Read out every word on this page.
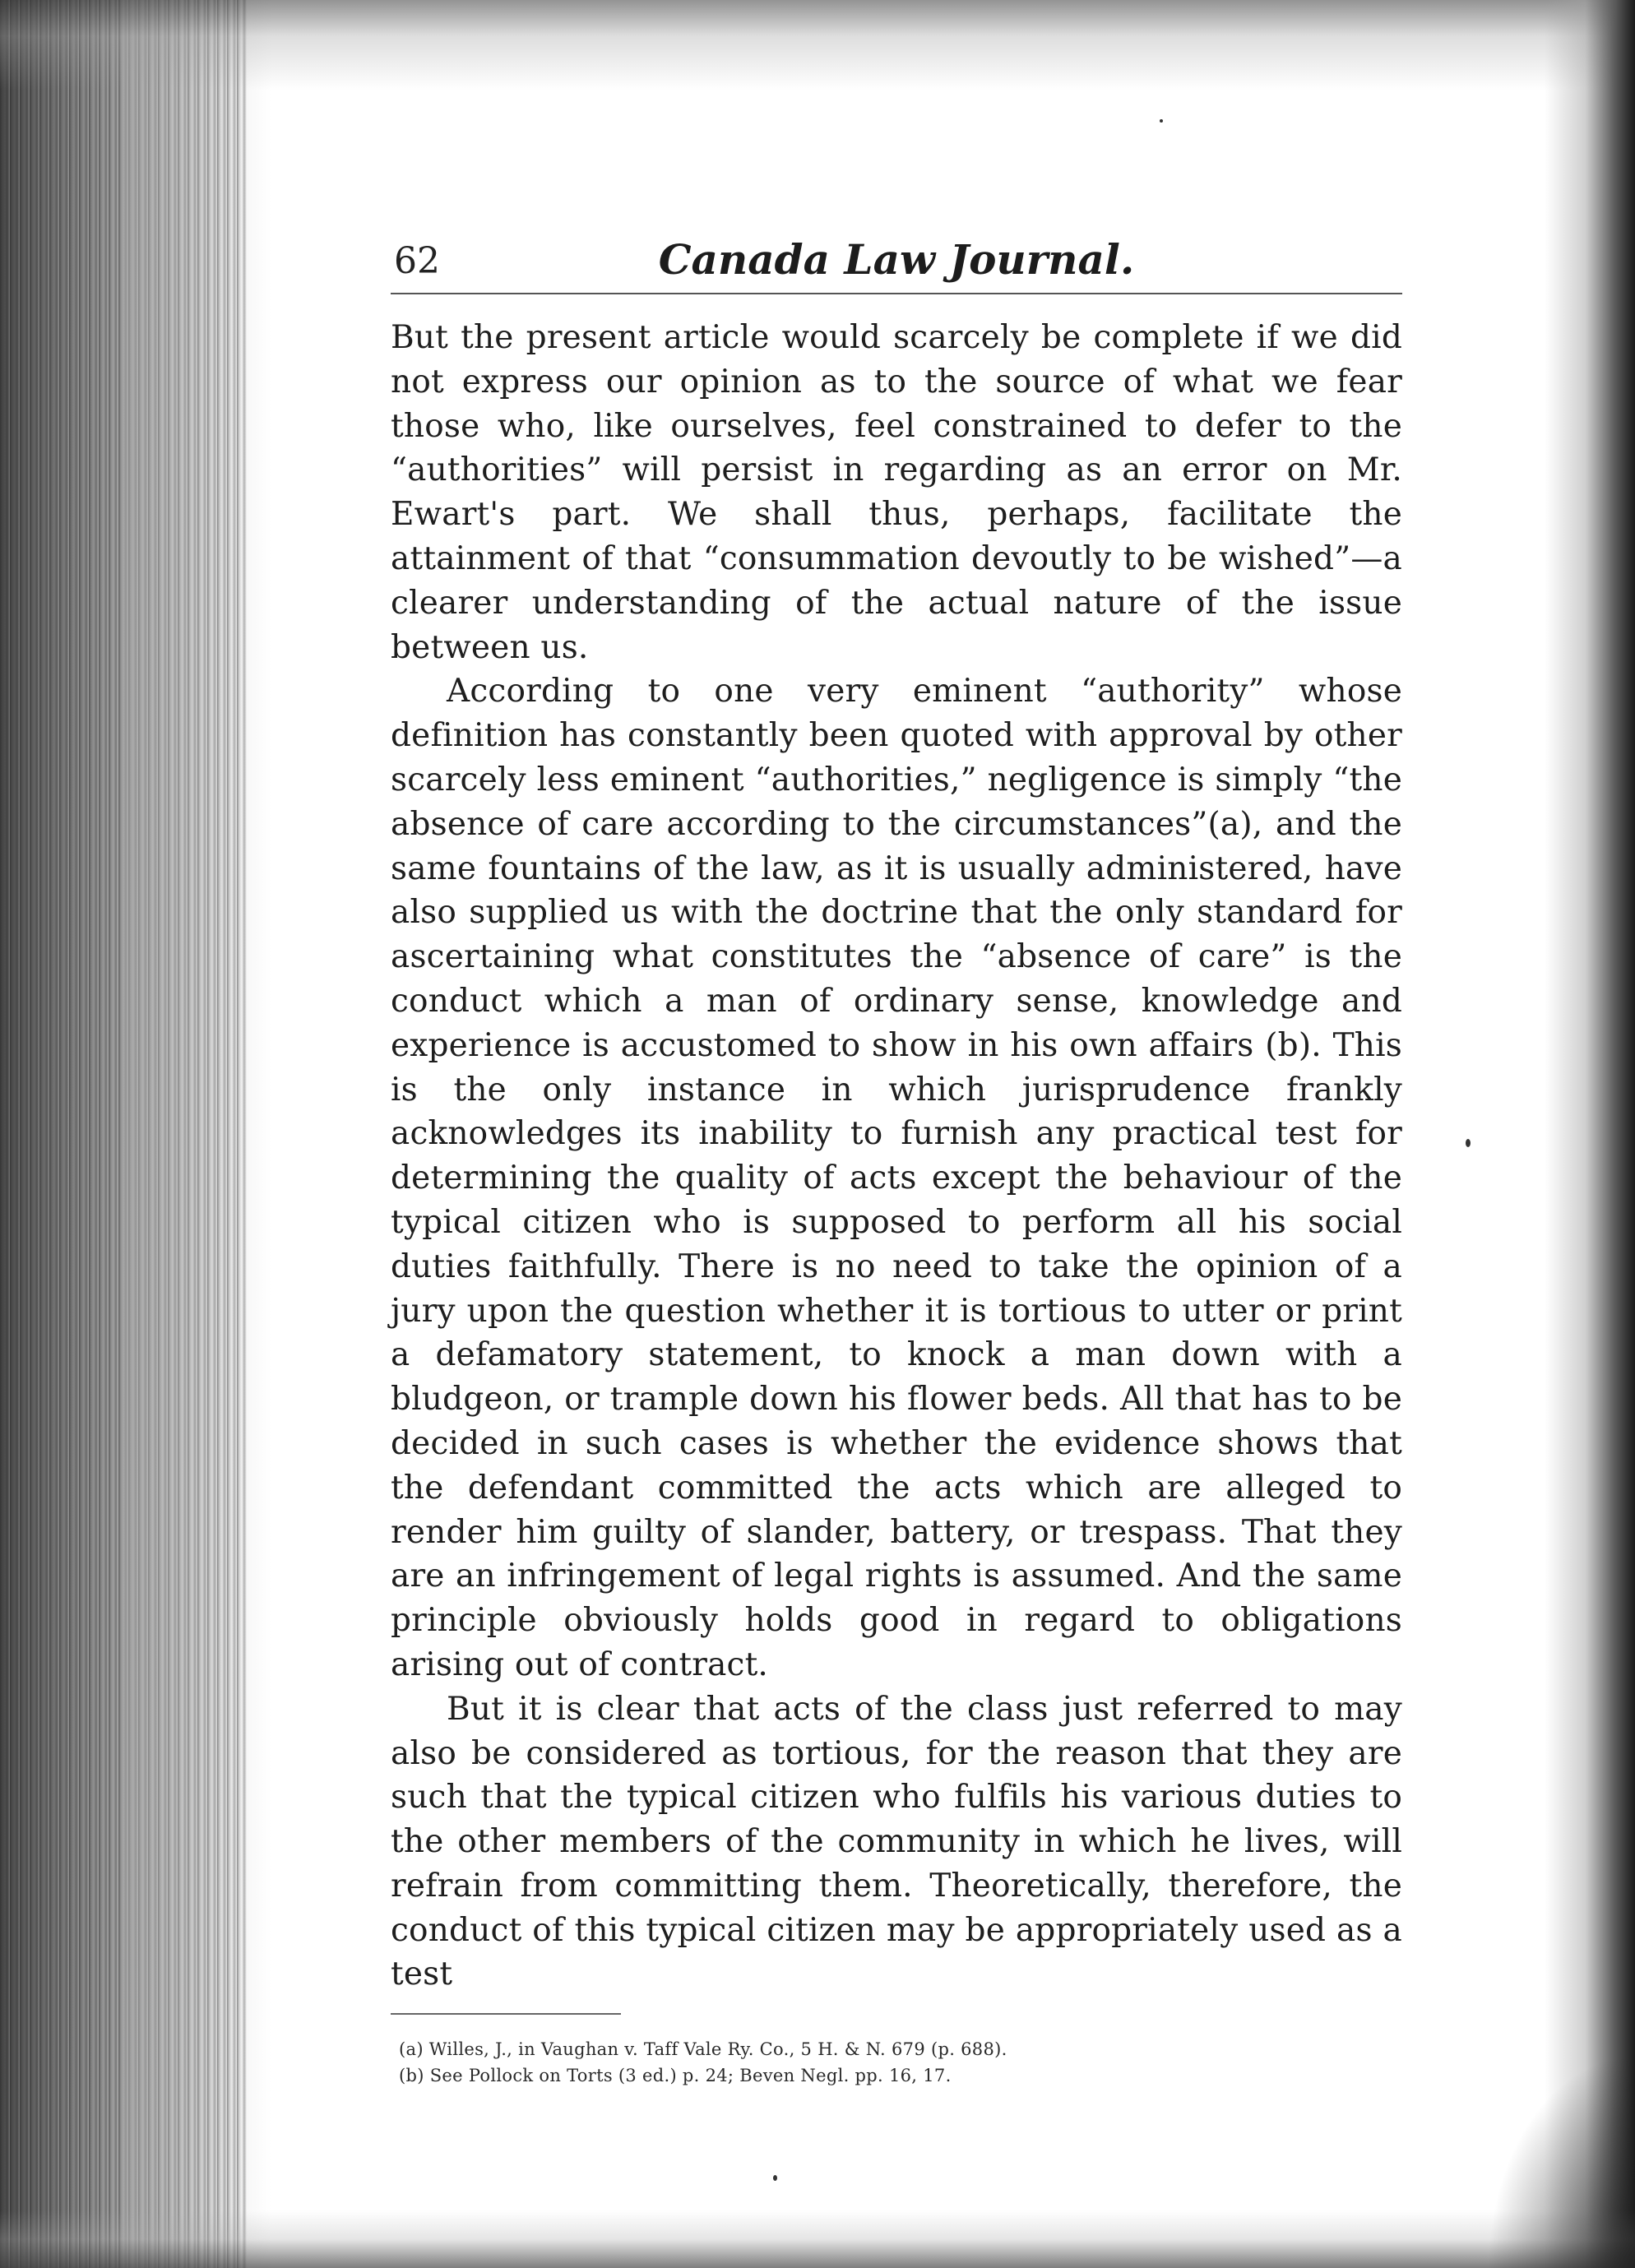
62	Canada Law Journal.

But the present article would scarcely be complete if we did not express our opinion as to the source of what we fear those who, like ourselves, feel constrained to defer to the “authorities” will persist in regarding as an error on Mr. Ewart's part. We shall thus, perhaps, facilitate the attainment of that “consummation devoutly to be wished”—a clearer understanding of the actual nature of the issue between us.

According to one very eminent “authority” whose definition has constantly been quoted with approval by other scarcely less eminent “authorities,” negligence is simply “the absence of care according to the circumstances”(a), and the same fountains of the law, as it is usually administered, have also supplied us with the doctrine that the only standard for ascertaining what constitutes the “absence of care” is the conduct which a man of ordinary sense, knowledge and experience is accustomed to show in his own affairs (b). This is the only instance in which jurisprudence frankly acknowledges its inability to furnish any practical test for determining the quality of acts except the behaviour of the typical citizen who is supposed to perform all his social duties faithfully. There is no need to take the opinion of a jury upon the question whether it is tortious to utter or print a defamatory statement, to knock a man down with a bludgeon, or trample down his flower beds. All that has to be decided in such cases is whether the evidence shows that the defendant committed the acts which are alleged to render him guilty of slander, battery, or trespass. That they are an infringement of legal rights is assumed. And the same principle obviously holds good in regard to obligations arising out of contract.

But it is clear that acts of the class just referred to may also be considered as tortious, for the reason that they are such that the typical citizen who fulfils his various duties to the other members of the community in which he lives, will refrain from committing them. Theoretically, therefore, the conduct of this typical citizen may be appropriately used as a test

(a) Willes, J., in Vaughan v. Taff Vale Ry. Co., 5 H. & N. 679 (p. 688).
(b) See Pollock on Torts (3 ed.) p. 24; Beven Negl. pp. 16, 17.
